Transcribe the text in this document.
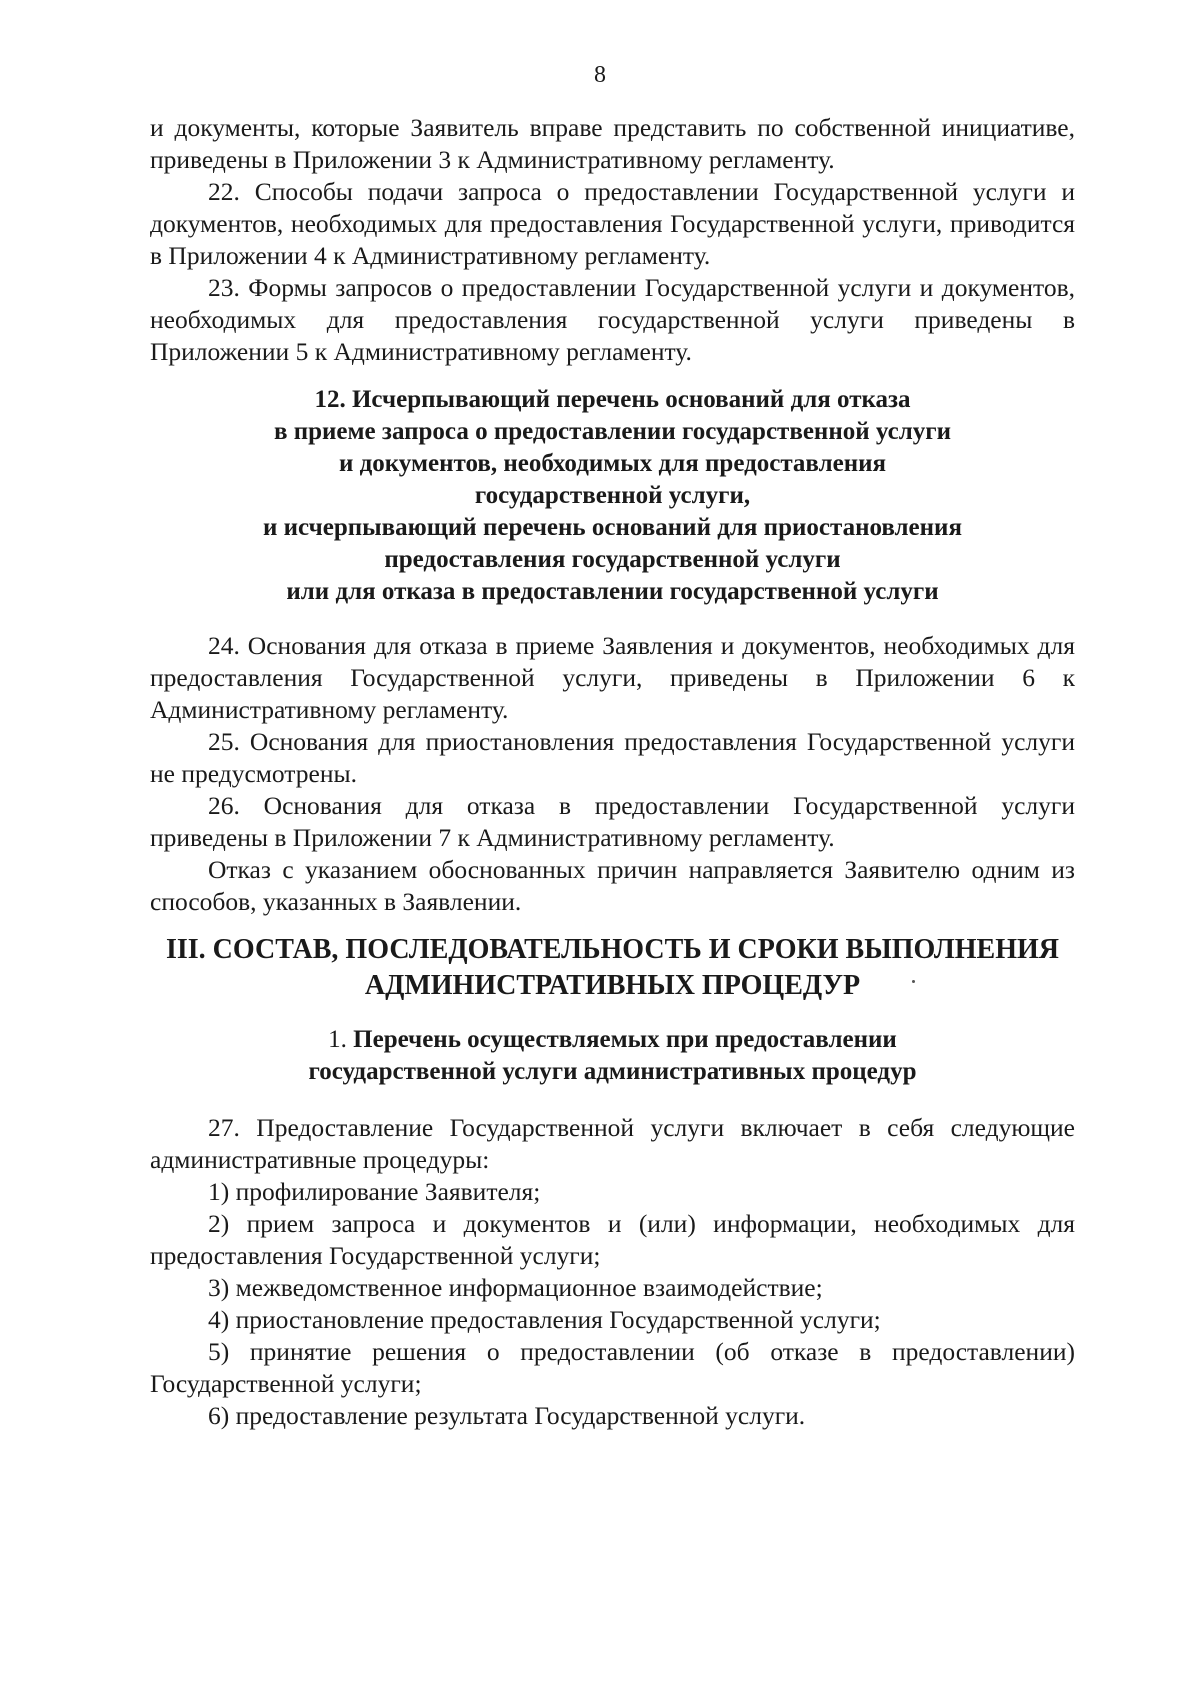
8

и документы, которые Заявитель вправе представить по собственной инициативе, приведены в Приложении 3 к Административному регламенту.

22. Способы подачи запроса о предоставлении Государственной услуги и документов, необходимых для предоставления Государственной услуги, приводится в Приложении 4 к Административному регламенту.

23. Формы запросов о предоставлении Государственной услуги и документов, необходимых для предоставления государственной услуги приведены в Приложении 5 к Административному регламенту.

12. Исчерпывающий перечень оснований для отказа
в приеме запроса о предоставлении государственной услуги
и документов, необходимых для предоставления
государственной услуги,
и исчерпывающий перечень оснований для приостановления
предоставления государственной услуги
или для отказа в предоставлении государственной услуги

24. Основания для отказа в приеме Заявления и документов, необходимых для предоставления Государственной услуги, приведены в Приложении 6 к Административному регламенту.

25. Основания для приостановления предоставления Государственной услуги не предусмотрены.

26. Основания для отказа в предоставлении Государственной услуги приведены в Приложении 7 к Административному регламенту.

Отказ с указанием обоснованных причин направляется Заявителю одним из способов, указанных в Заявлении.

III. СОСТАВ, ПОСЛЕДОВАТЕЛЬНОСТЬ И СРОКИ ВЫПОЛНЕНИЯ
АДМИНИСТРАТИВНЫХ ПРОЦЕДУР
1. Перечень осуществляемых при предоставлении
государственной услуги административных процедур

27. Предоставление Государственной услуги включает в себя следующие административные процедуры:

1) профилирование Заявителя;

2) прием запроса и документов и (или) информации, необходимых для предоставления Государственной услуги;

3) межведомственное информационное взаимодействие;

4) приостановление предоставления Государственной услуги;

5) принятие решения о предоставлении (об отказе в предоставлении) Государственной услуги;

6) предоставление результата Государственной услуги.
